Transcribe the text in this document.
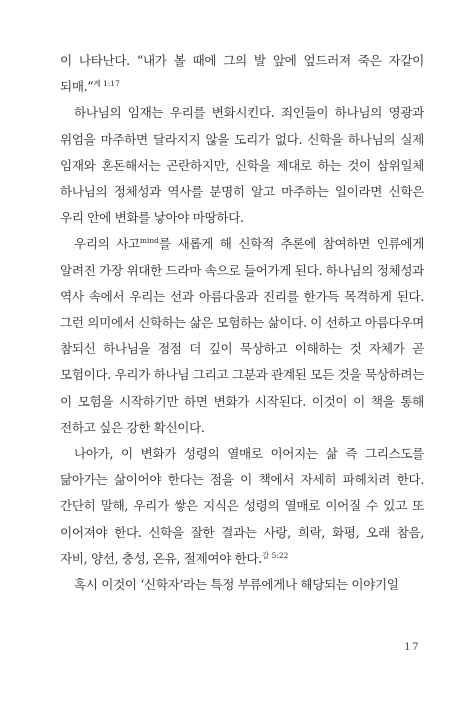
이 나타난다. “내가 볼 때에 그의 발 앞에 엎드러져 죽은 자같이 되매.”$^{계 1:17}$

하나님의 임재는 우리를 변화시킨다. 죄인들이 하나님의 영광과 위엄을 마주하면 달라지지 않을 도리가 없다. 신학을 하나님의 실제 임재와 혼돈해서는 곤란하지만, 신학을 제대로 하는 것이 삼위일체 하나님의 정체성과 역사를 분명히 알고 마주하는 일이라면 신학은 우리 안에 변화를 낳아야 마땅하다.

우리의 사고$^{mind}$를 새롭게 해 신학적 추론에 참여하면 인류에게 알려진 가장 위대한 드라마 속으로 들어가게 된다. 하나님의 정체성과 역사 속에서 우리는 선과 아름다움과 진리를 한가득 목격하게 된다. 그런 의미에서 신학하는 삶은 모험하는 삶이다. 이 선하고 아름다우며 참되신 하나님을 점점 더 깊이 묵상하고 이해하는 것 자체가 곧 모험이다. 우리가 하나님 그리고 그분과 관계된 모든 것을 묵상하려는 이 모험을 시작하기만 하면 변화가 시작된다. 이것이 이 책을 통해 전하고 싶은 강한 확신이다.

나아가, 이 변화가 성령의 열매로 이어지는 삶 즉 그리스도를 닮아가는 삶이어야 한다는 점을 이 책에서 자세히 파헤치려 한다. 간단히 말해, 우리가 쌓은 지식은 성령의 열매로 이어질 수 있고 또 이어져야 한다. 신학을 잘한 결과는 사랑, 희락, 화평, 오래 참음, 자비, 양선, 충성, 온유, 절제여야 한다.$^{갈 5:22}$

혹시 이것이 ‘신학자’라는 특정 부류에게나 해당되는 이야기일

17
